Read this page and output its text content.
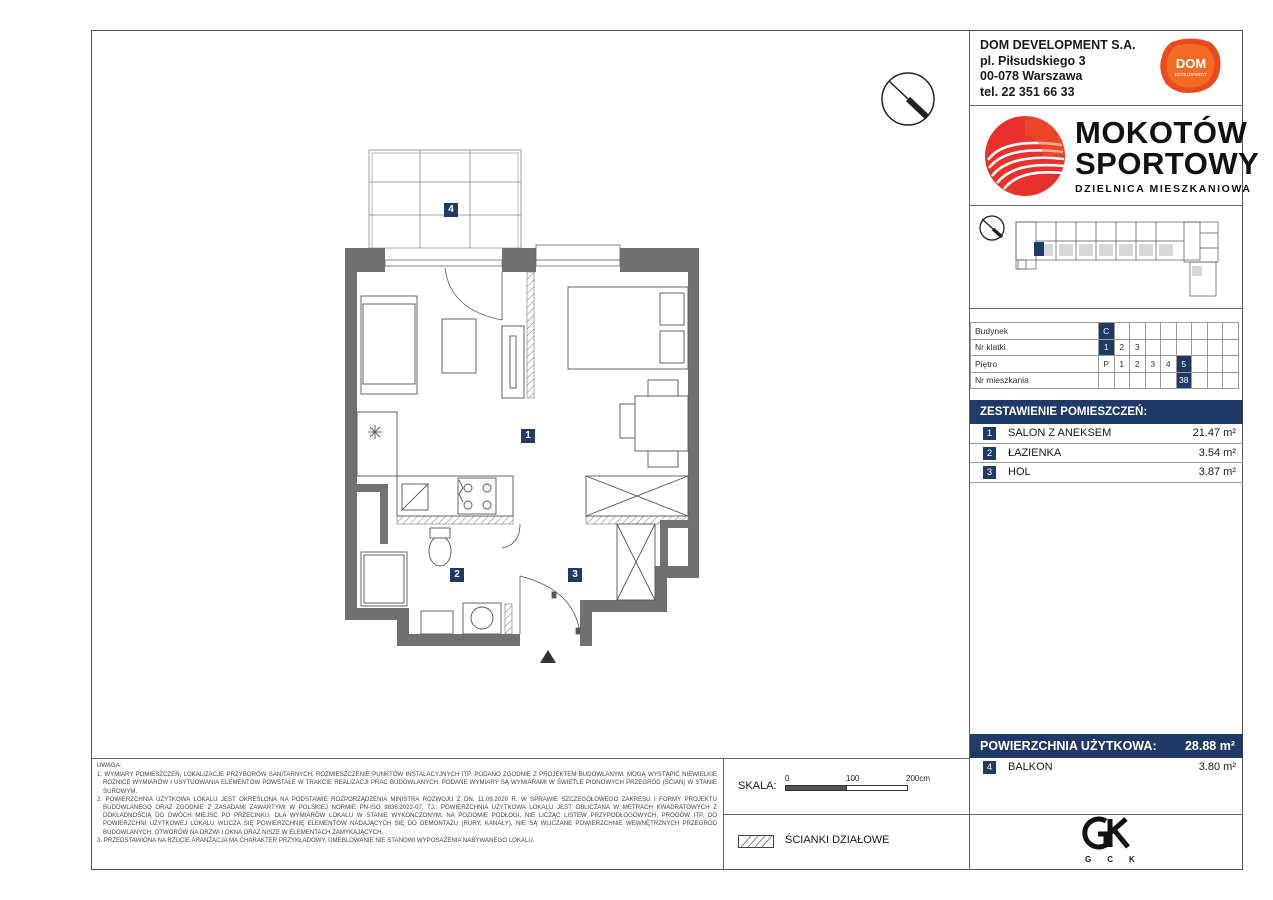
DOM DEVELOPMENT S.A.
pl. Piłsudskiego 3
00-078 Warszawa
tel. 22 351 66 33
DOM
DEVELOPMENT
MOKOTÓW
SPORTOWY
DZIELNICA MIESZKANIOWA
Budynek	C								
Nr klatki	1	2	3						
Piętro	P	1	2	3	4	5			
Nr mieszkania						38			
ZESTAWIENIE POMIESZCZEŃ:
1	SALON Z ANEKSEM	21.47 m²
2	ŁAZIENKA	3.54 m²
3	HOL	3.87 m²
POWIERZCHNIA UŻYTKOWA: 28.88 m²
4	BALKON	3.80 m²
UWAGA:

1. WYMIARY POMIESZCZEŃ, LOKALIZACJE PRZYBORÓW SANITARNYCH, ROZMIESZCZENIE PUNKTÓW INSTALACYJNYCH ITP. PODANO ZGODNIE Z PROJEKTEM BUDOWLANYM. MOGĄ WYSTĄPIĆ NIEWIELKIE RÓŻNICE WYMIARÓW I USYTUOWANIA ELEMENTÓW POWSTAŁE W TRAKCIE REALIZACJI PRAC BUDOWLANYCH. PODANE WYMIARY SĄ WYMIARAMI W ŚWIETLE PIONOWYCH PRZEGRÓD (ŚCIAN) W STANIE SUROWYM.

2. POWIERZCHNIA UŻYTKOWA LOKALU JEST OKREŚLONA NA PODSTAWIE ROZPORZĄDZENIA MINISTRA ROZWOJU Z DN. 11.09.2020 R. W SPRAWIE SZCZEGÓŁOWEGO ZAKRESU I FORMY PROJEKTU BUDOWLANEGO ORAZ ZGODNIE Z ZASADAMI ZAWARTYMI W POLSKIEJ NORMIE PN-ISO 9836:2022-07, TJ.: POWIERZCHNIA UŻYTKOWA LOKALU JEST OBLICZANA W METRACH KWADRATOWYCH Z DOKŁADNOŚCIĄ DO DWÓCH MIEJSC PO PRZECINKU, DLA WYMIARÓW LOKALU W STANIE WYKOŃCZONYM, NA POZIOMIE PODŁOGI, NIE LICZĄC LISTEW PRZYPODŁOGOWYCH, PROGÓW ITP. DO POWIERZCHNI UŻYTKOWEJ LOKALU WLICZA SIĘ POWIERZCHNIĘ ELEMENTÓW NADAJĄCYCH SIĘ DO DEMONTAŻU (RURY, KANAŁY), NIE SĄ WLICZANE POWIERZCHNIE WEWNĘTRZNYCH PRZEGRÓD BUDOWLANYCH, OTWORÓW NA DRZWI I OKNA ORAZ NISZE W ELEMENTACH ZAMYKAJĄCYCH.

3. PRZEDSTAWIONA NA RZUCIE ARANŻACJA MA CHARAKTER PRZYKŁADOWY, UMEBLOWANIE NIE STANOWI WYPOSAŻENIA NABYWANEGO LOKALU.

SKALA:
0	100	200cm
ŚCIANKI DZIAŁOWE
GCK
1
2	3
4
